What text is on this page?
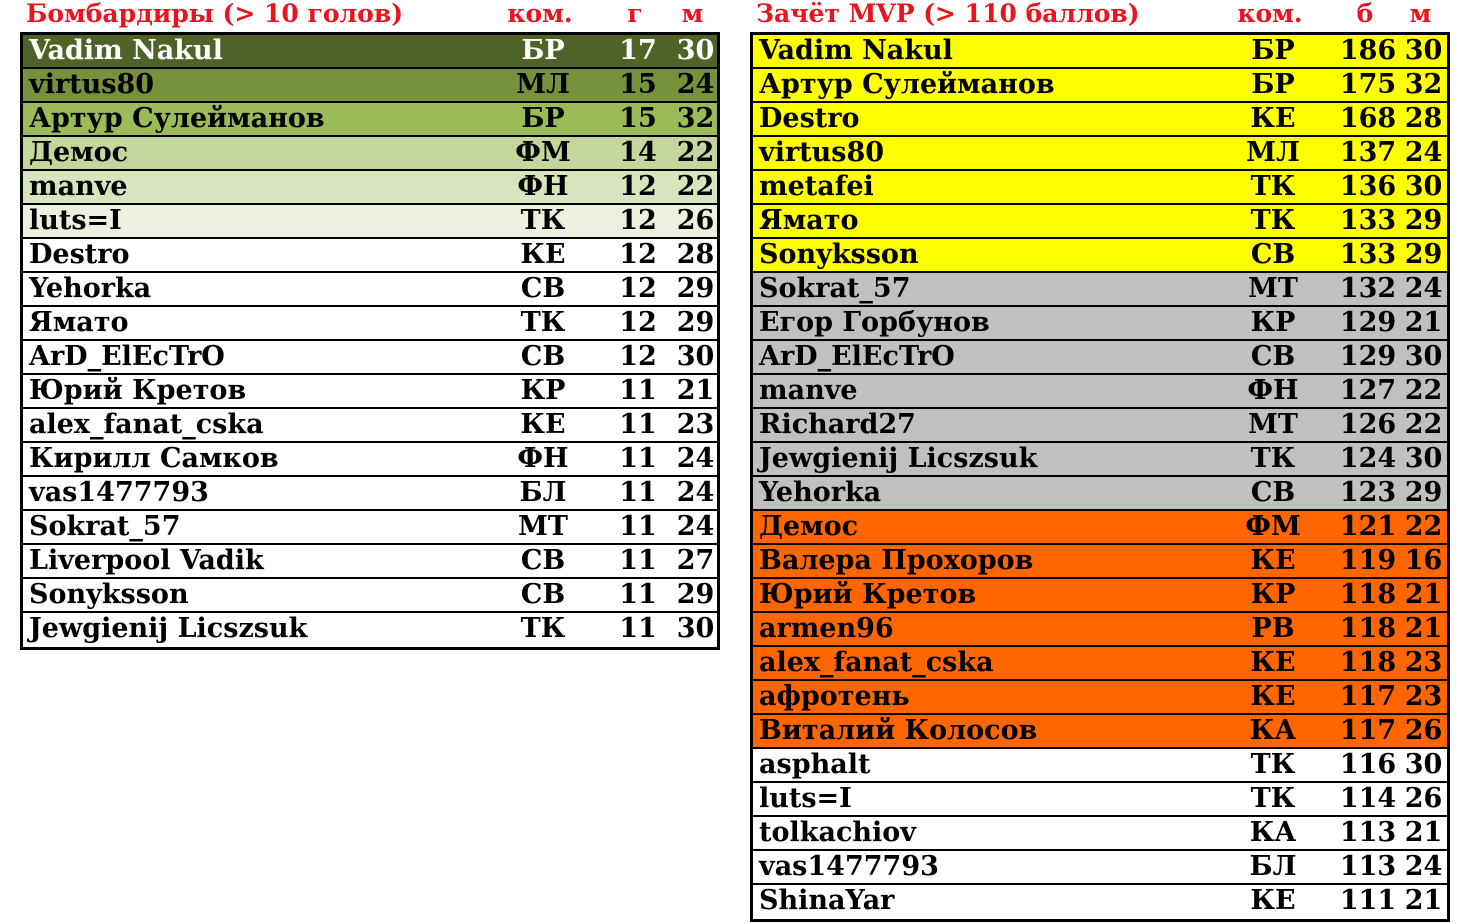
Бомбардиры (> 10 голов)	ком.	г	м
Vadim Nakul	БР	17 30
virtus80	МЛ	15 24
Артур Сулейманов	БР	15 32
Демос	ФМ	14 22
manve	ФН	12 22
luts=I	ТК	12 26
Destro	КЕ	12 28
Yehorka	СВ	12 29
Ямато	ТК	12 29
ArD_ElEcTrO	СВ	12 30
Юрий Кретов	КР	11 21
alex_fanat_cska	КЕ	11 23
Кирилл Самков	ФН	11 24
vas1477793	БЛ	11 24
Sokrat_57	МТ	11 24
Liverpool Vadik	СВ	11 27
Sonyksson	СВ	11 29
Jewgienij Licszsuk	ТК	11 30
Зачёт MVP (> 110 баллов)	ком.	б	м
Vadim Nakul	БР	186 30
Артур Сулейманов	БР	175 32
Destro	КЕ	168 28
virtus80	МЛ	137 24
metafei	ТК	136 30
Ямато	ТК	133 29
Sonyksson	СВ	133 29
Sokrat_57	МТ	132 24
Егор Горбунов	КР	129 21
ArD_ElEcTrO	СВ	129 30
manve	ФН	127 22
Richard27	МТ	126 22
Jewgienij Licszsuk	ТК	124 30
Yehorka	СВ	123 29
Демос	ФМ	121 22
Валера Прохоров	КЕ	119 16
Юрий Кретов	КР	118 21
armen96	РВ	118 21
alex_fanat_cska	КЕ	118 23
афротень	КЕ	117 23
Виталий Колосов	КА	117 26
asphalt	ТК	116 30
luts=I	ТК	114 26
tolkachiov	КА	113 21
vas1477793	БЛ	113 24
ShinaYar	КЕ	111 21
